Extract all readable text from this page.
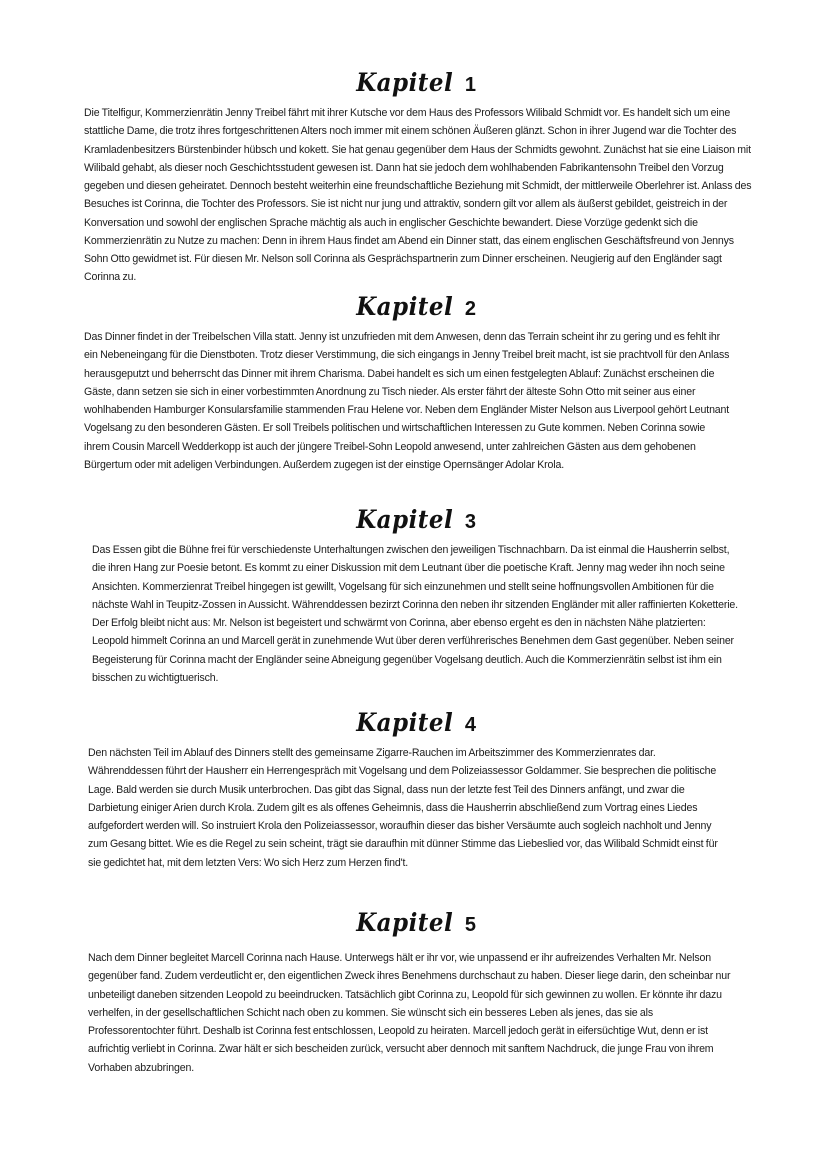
Kapitel 1

Die Titelfigur, Kommerzienrätin Jenny Treibel fährt mit ihrer Kutsche vor dem Haus des Professors Wilibald Schmidt vor. Es handelt sich um eine stattliche Dame, die trotz ihres fortgeschrittenen Alters noch immer mit einem schönen Äußeren glänzt. Schon in ihrer Jugend war die Tochter des Kramladenbesitzers Bürstenbinder hübsch und kokett. Sie hat genau gegenüber dem Haus der Schmidts gewohnt. Zunächst hat sie eine Liaison mit Wilibald gehabt, als dieser noch Geschichtsstudent gewesen ist. Dann hat sie jedoch dem wohlhabenden Fabrikantensohn Treibel den Vorzug gegeben und diesen geheiratet. Dennoch besteht weiterhin eine freundschaftliche Beziehung mit Schmidt, der mittlerweile Oberlehrer ist. Anlass des Besuches ist Corinna, die Tochter des Professors. Sie ist nicht nur jung und attraktiv, sondern gilt vor allem als äußerst gebildet, geistreich in der Konversation und sowohl der englischen Sprache mächtig als auch in englischer Geschichte bewandert. Diese Vorzüge gedenkt sich die Kommerzienrätin zu Nutze zu machen: Denn in ihrem Haus findet am Abend ein Dinner statt, das einem englischen Geschäftsfreund von Jennys Sohn Otto gewidmet ist. Für diesen Mr. Nelson soll Corinna als Gesprächspartnerin zum Dinner erscheinen. Neugierig auf den Engländer sagt Corinna zu.

Kapitel 2

Das Dinner findet in der Treibelschen Villa statt. Jenny ist unzufrieden mit dem Anwesen, denn das Terrain scheint ihr zu gering und es fehlt ihr ein Nebeneingang für die Dienstboten. Trotz dieser Verstimmung, die sich eingangs in Jenny Treibel breit macht, ist sie prachtvoll für den Anlass herausgeputzt und beherrscht das Dinner mit ihrem Charisma. Dabei handelt es sich um einen festgelegten Ablauf: Zunächst erscheinen die Gäste, dann setzen sie sich in einer vorbestimmten Anordnung zu Tisch nieder. Als erster fährt der älteste Sohn Otto mit seiner aus einer wohlhabenden Hamburger Konsularsfamilie stammenden Frau Helene vor. Neben dem Engländer Mister Nelson aus Liverpool gehört Leutnant Vogelsang zu den besonderen Gästen. Er soll Treibels politischen und wirtschaftlichen Interessen zu Gute kommen. Neben Corinna sowie ihrem Cousin Marcell Wedderkopp ist auch der jüngere Treibel-Sohn Leopold anwesend, unter zahlreichen Gästen aus dem gehobenen Bürgertum oder mit adeligen Verbindungen. Außerdem zugegen ist der einstige Opernsänger Adolar Krola.

Kapitel 3

Das Essen gibt die Bühne frei für verschiedenste Unterhaltungen zwischen den jeweiligen Tischnachbarn. Da ist einmal die Hausherrin selbst, die ihren Hang zur Poesie betont. Es kommt zu einer Diskussion mit dem Leutnant über die poetische Kraft. Jenny mag weder ihn noch seine Ansichten. Kommerzienrat Treibel hingegen ist gewillt, Vogelsang für sich einzunehmen und stellt seine hoffnungsvollen Ambitionen für die nächste Wahl in Teupitz-Zossen in Aussicht. Währenddessen bezirzt Corinna den neben ihr sitzenden Engländer mit aller raffinierten Koketterie. Der Erfolg bleibt nicht aus: Mr. Nelson ist begeistert und schwärmt von Corinna, aber ebenso ergeht es den in nächsten Nähe platzierten: Leopold himmelt Corinna an und Marcell gerät in zunehmende Wut über deren verführerisches Benehmen dem Gast gegenüber. Neben seiner Begeisterung für Corinna macht der Engländer seine Abneigung gegenüber Vogelsang deutlich. Auch die Kommerzienrätin selbst ist ihm ein bisschen zu wichtigtuerisch.

Kapitel 4

Den nächsten Teil im Ablauf des Dinners stellt des gemeinsame Zigarre-Rauchen im Arbeitszimmer des Kommerzienrates dar. Währenddessen führt der Hausherr ein Herrengespräch mit Vogelsang und dem Polizeiassessor Goldammer. Sie besprechen die politische Lage. Bald werden sie durch Musik unterbrochen. Das gibt das Signal, dass nun der letzte fest Teil des Dinners anfängt, und zwar die Darbietung einiger Arien durch Krola. Zudem gilt es als offenes Geheimnis, dass die Hausherrin abschließend zum Vortrag eines Liedes aufgefordert werden will. So instruiert Krola den Polizeiassessor, woraufhin dieser das bisher Versäumte auch sogleich nachholt und Jenny zum Gesang bittet. Wie es die Regel zu sein scheint, trägt sie daraufhin mit dünner Stimme das Liebeslied vor, das Wilibald Schmidt einst für sie gedichtet hat, mit dem letzten Vers: Wo sich Herz zum Herzen find't.

Kapitel 5

Nach dem Dinner begleitet Marcell Corinna nach Hause. Unterwegs hält er ihr vor, wie unpassend er ihr aufreizendes Verhalten Mr. Nelson gegenüber fand. Zudem verdeutlicht er, den eigentlichen Zweck ihres Benehmens durchschaut zu haben. Dieser liege darin, den scheinbar nur unbeteiligt daneben sitzenden Leopold zu beeindrucken. Tatsächlich gibt Corinna zu, Leopold für sich gewinnen zu wollen. Er könnte ihr dazu verhelfen, in der gesellschaftlichen Schicht nach oben zu kommen. Sie wünscht sich ein besseres Leben als jenes, das sie als Professorentochter führt. Deshalb ist Corinna fest entschlossen, Leopold zu heiraten. Marcell jedoch gerät in eifersüchtige Wut, denn er ist aufrichtig verliebt in Corinna. Zwar hält er sich bescheiden zurück, versucht aber dennoch mit sanftem Nachdruck, die junge Frau von ihrem Vorhaben abzubringen.
